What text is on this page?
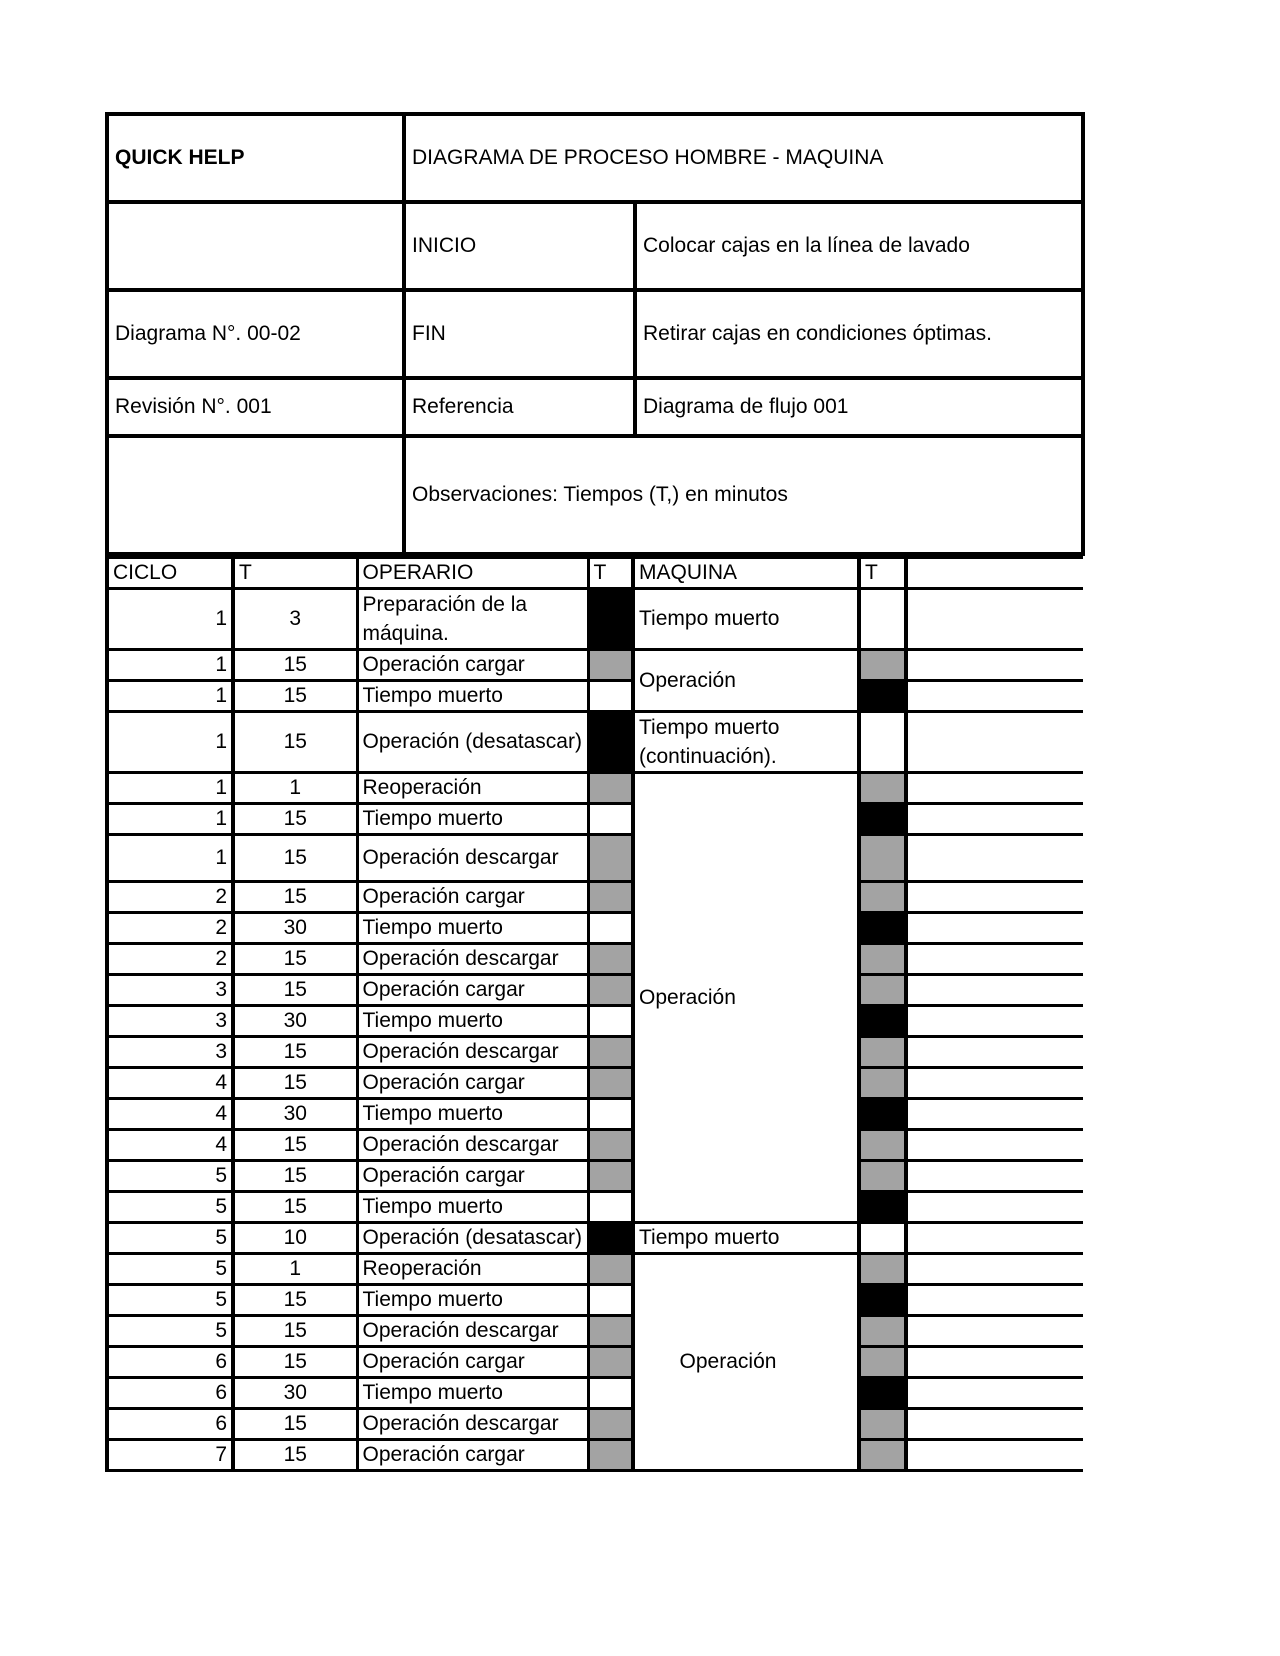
QUICK HELP	DIAGRAMA DE PROCESO HOMBRE - MAQUINA	
	INICIO	Colocar cajas en la línea de lavado
Diagrama N°. 00-02	FIN	Retirar cajas en condiciones óptimas.
Revisión N°. 001	Referencia	Diagrama de flujo 001
	Observaciones: Tiempos (T,) en minutos	
CICLO	T	OPERARIO	T	MAQUINA	T	
1	3	Preparación de la máquina.		Tiempo muerto		
1	15	Operación cargar		Operación		
1	15	Tiempo muerto				
1	15	Operación (desatascar)		Tiempo muerto (continuación).		
1	1	Reoperación		Operación		
1	15	Tiempo muerto				
1	15	Operación descargar				
2	15	Operación cargar				
2	30	Tiempo muerto				
2	15	Operación descargar				
3	15	Operación cargar				
3	30	Tiempo muerto				
3	15	Operación descargar				
4	15	Operación cargar				
4	30	Tiempo muerto				
4	15	Operación descargar				
5	15	Operación cargar				
5	15	Tiempo muerto				
5	10	Operación (desatascar)		Tiempo muerto		
5	1	Reoperación		Operación		
5	15	Tiempo muerto				
5	15	Operación descargar				
6	15	Operación cargar				
6	30	Tiempo muerto				
6	15	Operación descargar				
7	15	Operación cargar				
